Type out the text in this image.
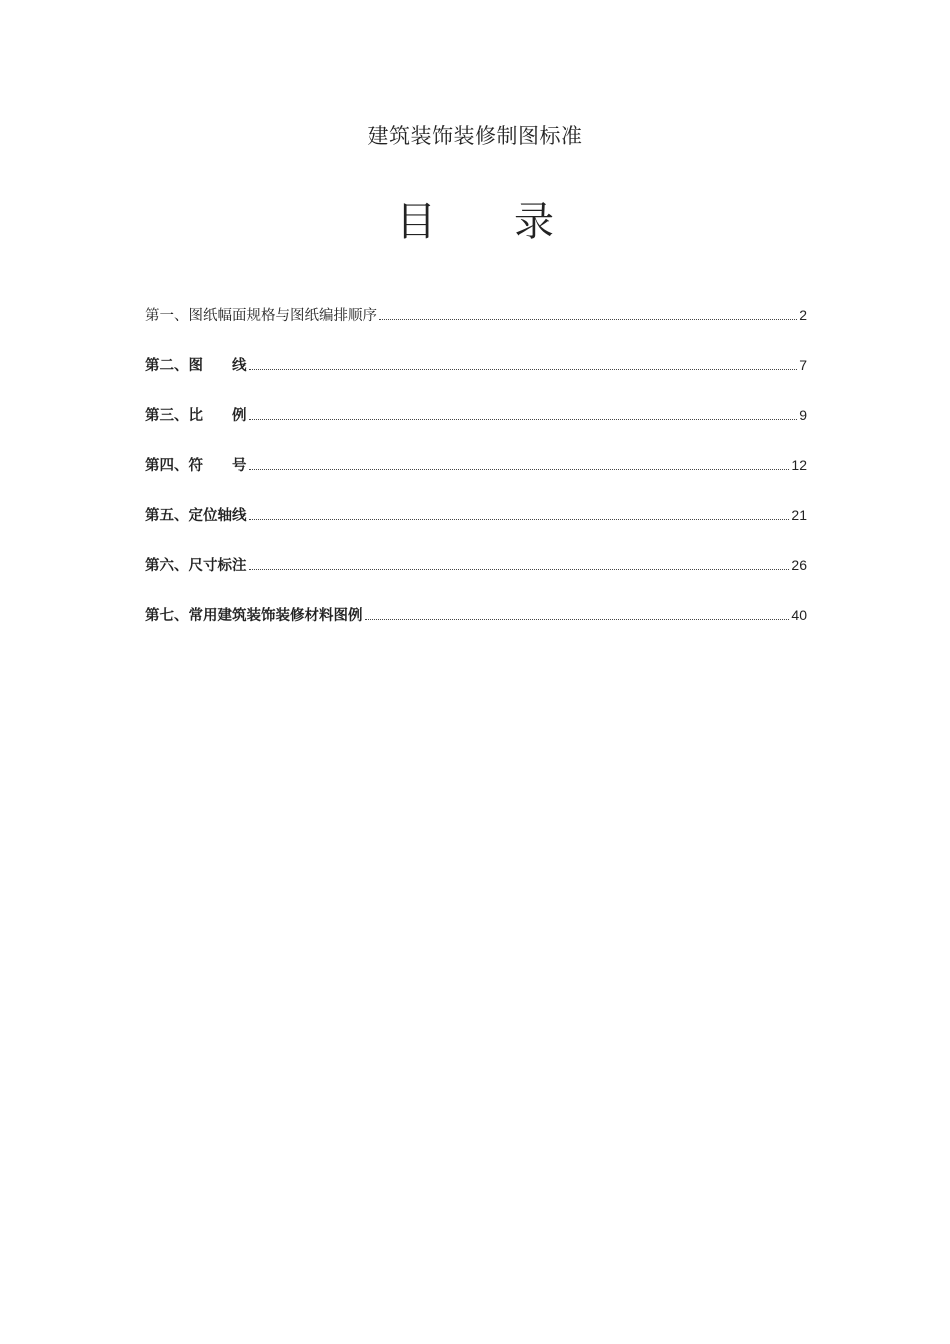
建筑装饰装修制图标准
目 录
第一、图纸幅面规格与图纸编排顺序	2
第二、图　　线	7
第三、比　　例	9
第四、符　　号	12
第五、定位轴线	21
第六、尺寸标注	26
第七、常用建筑装饰装修材料图例	40
